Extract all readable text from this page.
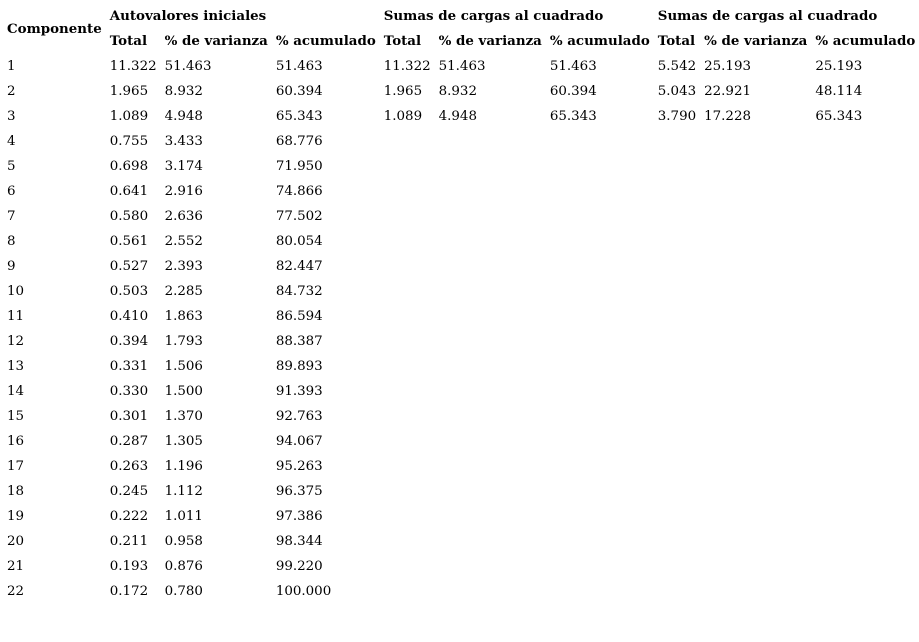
Componente	Autovalores iniciales			Sumas de cargas al cuadrado			Sumas de cargas al cuadrado		
	Total	% de varianza	% acumulado	Total	% de varianza	% acumulado	Total	% de varianza	% acumulado
1	11.322	51.463	51.463	11.322	51.463	51.463	5.542	25.193	25.193
2	1.965	8.932	60.394	1.965	8.932	60.394	5.043	22.921	48.114
3	1.089	4.948	65.343	1.089	4.948	65.343	3.790	17.228	65.343
4	0.755	3.433	68.776						
5	0.698	3.174	71.950						
6	0.641	2.916	74.866						
7	0.580	2.636	77.502						
8	0.561	2.552	80.054						
9	0.527	2.393	82.447						
10	0.503	2.285	84.732						
11	0.410	1.863	86.594						
12	0.394	1.793	88.387						
13	0.331	1.506	89.893						
14	0.330	1.500	91.393						
15	0.301	1.370	92.763						
16	0.287	1.305	94.067						
17	0.263	1.196	95.263						
18	0.245	1.112	96.375						
19	0.222	1.011	97.386						
20	0.211	0.958	98.344						
21	0.193	0.876	99.220						
22	0.172	0.780	100.000						
